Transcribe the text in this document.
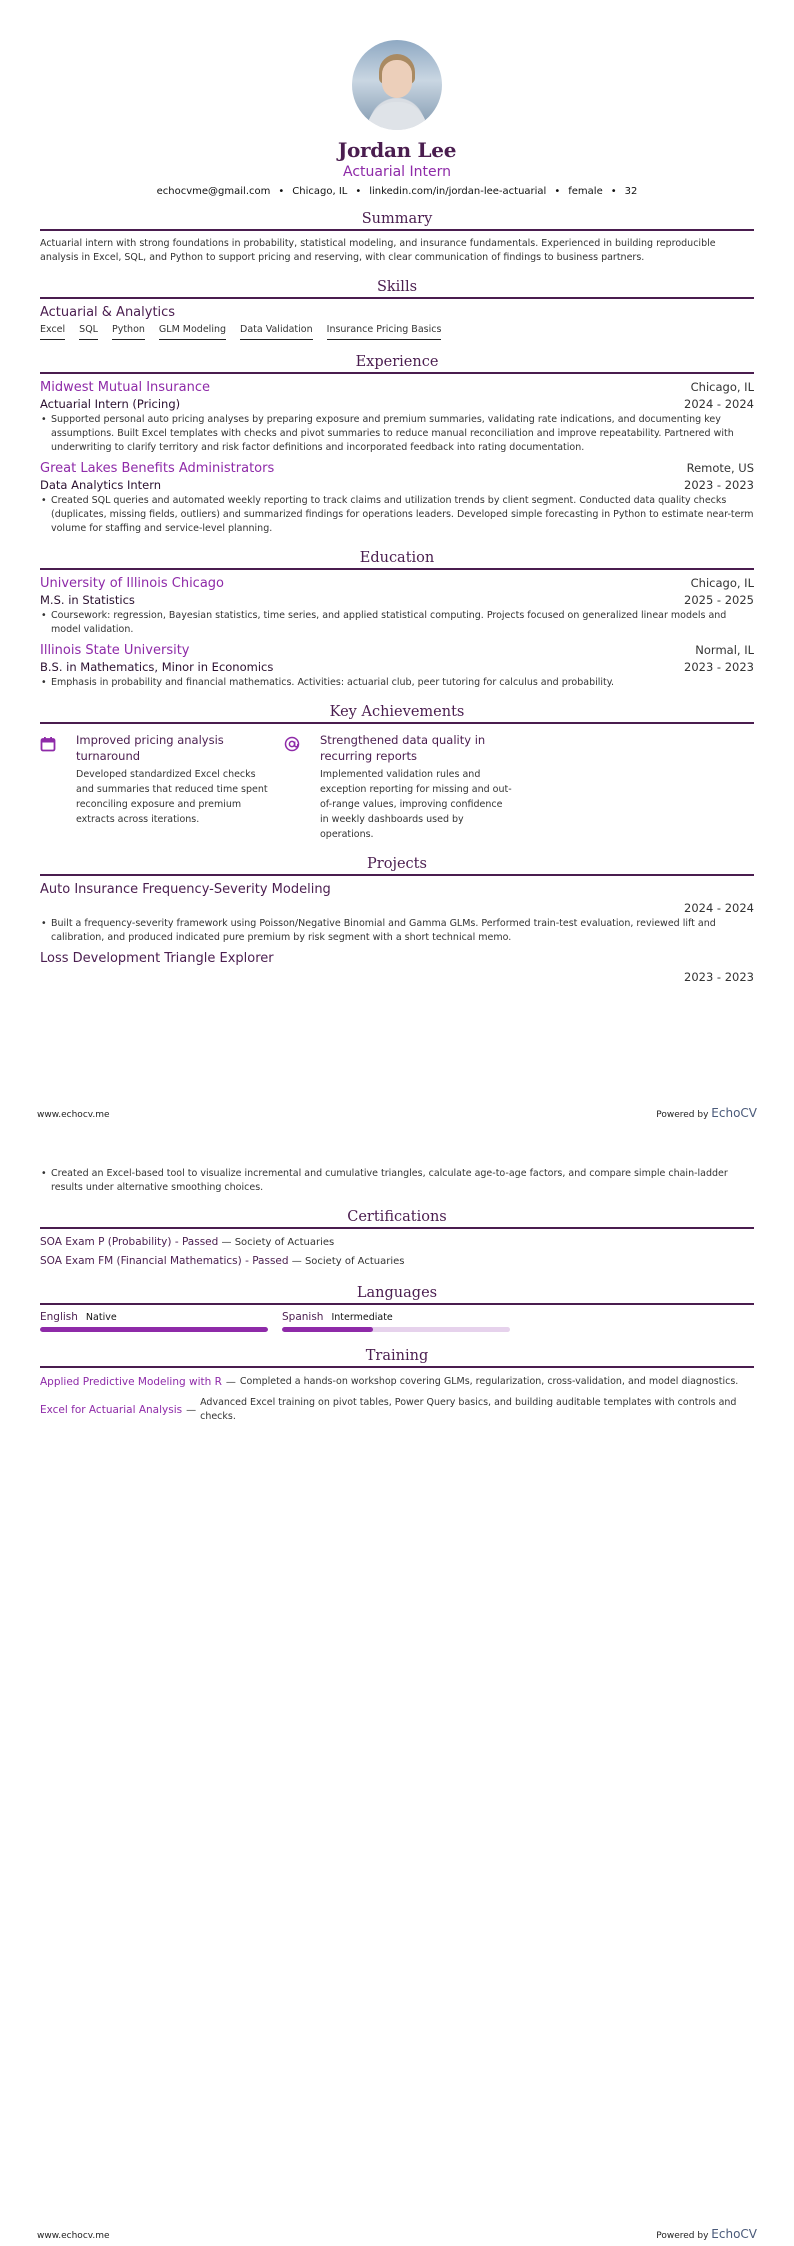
Jordan Lee
Actuarial Intern
echocvme@gmail.com • Chicago, IL • linkedin.com/in/jordan-lee-actuarial • female • 32
Summary

Actuarial intern with strong foundations in probability, statistical modeling, and insurance fundamentals. Experienced in building reproducible analysis in Excel, SQL, and Python to support pricing and reserving, with clear communication of findings to business partners.

Skills
Actuarial & Analytics
Excel SQL Python GLM Modeling Data Validation Insurance Pricing Basics
Experience
Midwest Mutual Insurance	Chicago, IL
Actuarial Intern (Pricing)	2024 - 2024
• Supported personal auto pricing analyses by preparing exposure and premium summaries, validating rate indications, and documenting key assumptions. Built Excel templates with checks and pivot summaries to reduce manual reconciliation and improve repeatability. Partnered with underwriting to clarify territory and risk factor definitions and incorporated feedback into rating documentation.
Great Lakes Benefits Administrators	Remote, US
Data Analytics Intern	2023 - 2023
• Created SQL queries and automated weekly reporting to track claims and utilization trends by client segment. Conducted data quality checks (duplicates, missing fields, outliers) and summarized findings for operations leaders. Developed simple forecasting in Python to estimate near-term volume for staffing and service-level planning.
Education
University of Illinois Chicago	Chicago, IL
M.S. in Statistics	2025 - 2025
• Coursework: regression, Bayesian statistics, time series, and applied statistical computing. Projects focused on generalized linear models and model validation.
Illinois State University	Normal, IL
B.S. in Mathematics, Minor in Economics	2023 - 2023
• Emphasis in probability and financial mathematics. Activities: actuarial club, peer tutoring for calculus and probability.
Key Achievements
Improved pricing analysis turnaround
Developed standardized Excel checks and summaries that reduced time spent reconciling exposure and premium extracts across iterations.
Strengthened data quality in recurring reports
Implemented validation rules and exception reporting for missing and out-of-range values, improving confidence in weekly dashboards used by operations.
Projects
Auto Insurance Frequency-Severity Modeling
2024 - 2024
• Built a frequency-severity framework using Poisson/Negative Binomial and Gamma GLMs. Performed train-test evaluation, reviewed lift and calibration, and produced indicated pure premium by risk segment with a short technical memo.
Loss Development Triangle Explorer
2023 - 2023
www.echocv.me	Powered by EchoCV
• Created an Excel-based tool to visualize incremental and cumulative triangles, calculate age-to-age factors, and compare simple chain-ladder results under alternative smoothing choices.
Certifications
SOA Exam P (Probability) - Passed — Society of Actuaries
SOA Exam FM (Financial Mathematics) - Passed — Society of Actuaries
Languages
English Native	Spanish Intermediate
Training
Applied Predictive Modeling with R — Completed a hands-on workshop covering GLMs, regularization, cross-validation, and model diagnostics.
Excel for Actuarial Analysis —
Advanced Excel training on pivot tables, Power Query basics, and building auditable templates with controls and checks.
www.echocv.me	Powered by EchoCV
